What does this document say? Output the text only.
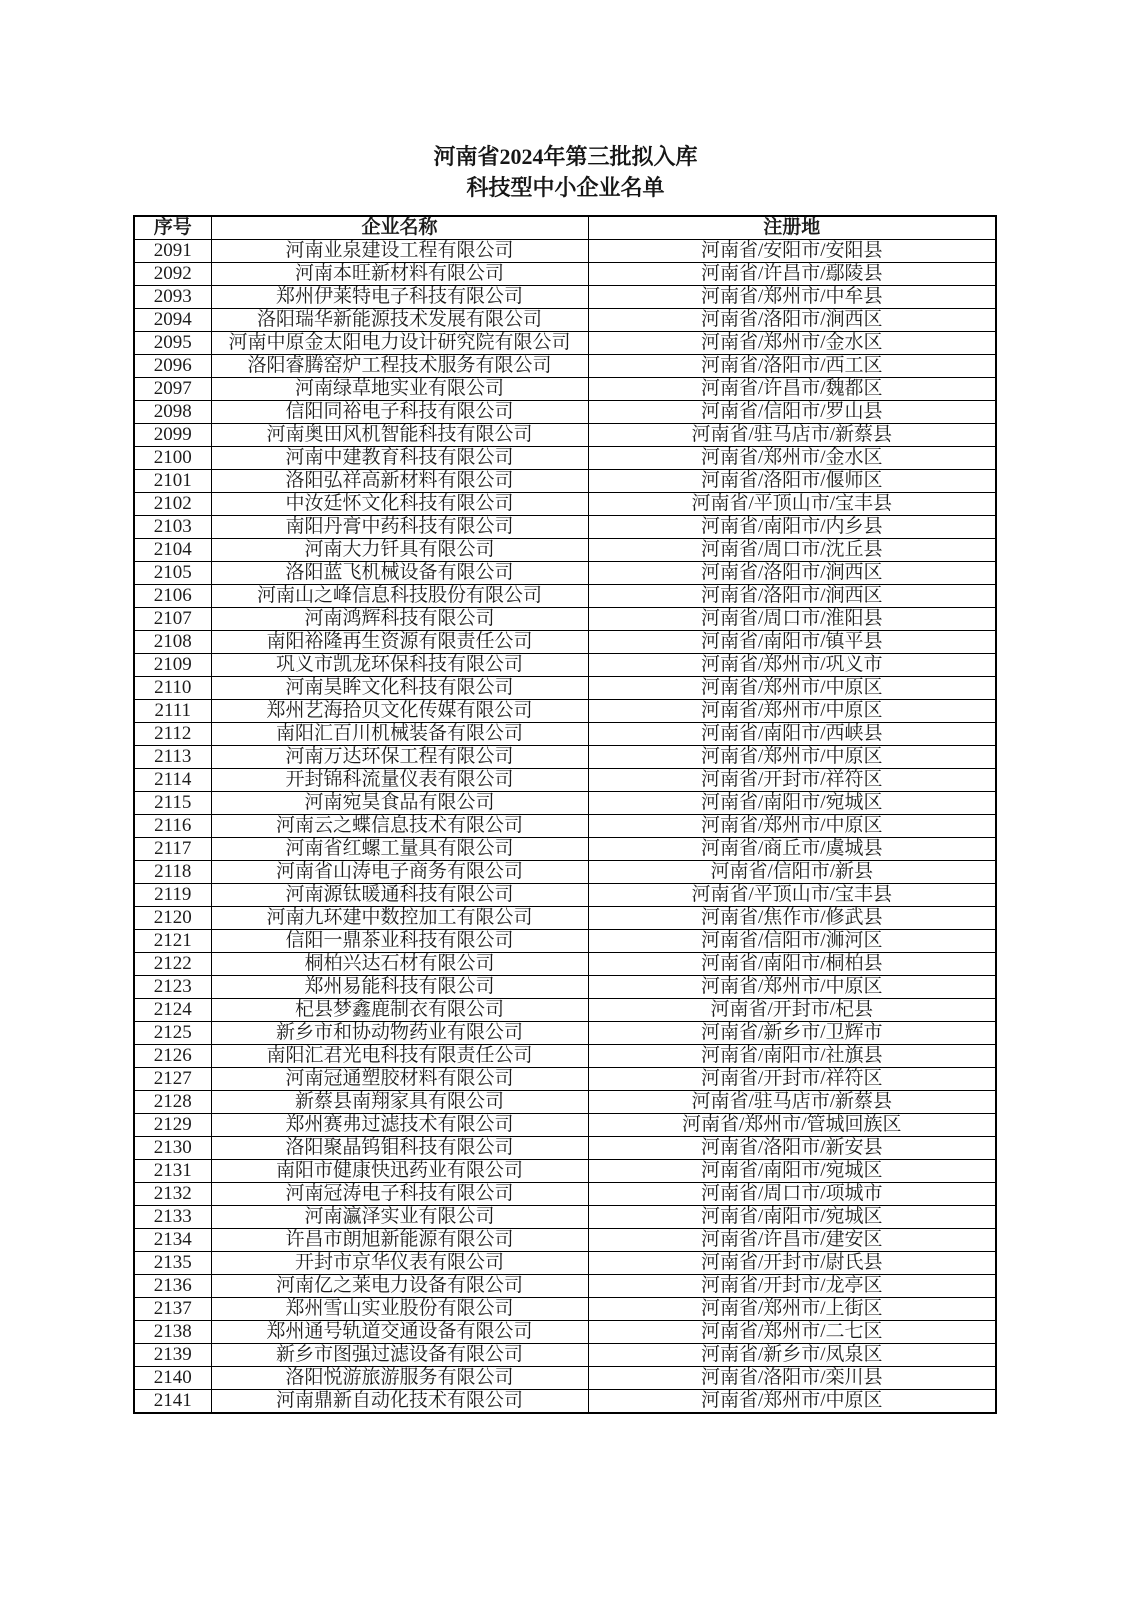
河南省2024年第三批拟入库
科技型中小企业名单
序号	企业名称	注册地
2091	河南业泉建设工程有限公司	河南省/安阳市/安阳县
2092	河南本旺新材料有限公司	河南省/许昌市/鄢陵县
2093	郑州伊莱特电子科技有限公司	河南省/郑州市/中牟县
2094	洛阳瑞华新能源技术发展有限公司	河南省/洛阳市/涧西区
2095	河南中原金太阳电力设计研究院有限公司	河南省/郑州市/金水区
2096	洛阳睿腾窑炉工程技术服务有限公司	河南省/洛阳市/西工区
2097	河南绿草地实业有限公司	河南省/许昌市/魏都区
2098	信阳同裕电子科技有限公司	河南省/信阳市/罗山县
2099	河南奥田风机智能科技有限公司	河南省/驻马店市/新蔡县
2100	河南中建教育科技有限公司	河南省/郑州市/金水区
2101	洛阳弘祥高新材料有限公司	河南省/洛阳市/偃师区
2102	中汝廷怀文化科技有限公司	河南省/平顶山市/宝丰县
2103	南阳丹膏中药科技有限公司	河南省/南阳市/内乡县
2104	河南大力钎具有限公司	河南省/周口市/沈丘县
2105	洛阳蓝飞机械设备有限公司	河南省/洛阳市/涧西区
2106	河南山之峰信息科技股份有限公司	河南省/洛阳市/涧西区
2107	河南鸿辉科技有限公司	河南省/周口市/淮阳县
2108	南阳裕隆再生资源有限责任公司	河南省/南阳市/镇平县
2109	巩义市凯龙环保科技有限公司	河南省/郑州市/巩义市
2110	河南昊眸文化科技有限公司	河南省/郑州市/中原区
2111	郑州艺海拾贝文化传媒有限公司	河南省/郑州市/中原区
2112	南阳汇百川机械装备有限公司	河南省/南阳市/西峡县
2113	河南万达环保工程有限公司	河南省/郑州市/中原区
2114	开封锦科流量仪表有限公司	河南省/开封市/祥符区
2115	河南宛昊食品有限公司	河南省/南阳市/宛城区
2116	河南云之蝶信息技术有限公司	河南省/郑州市/中原区
2117	河南省红螺工量具有限公司	河南省/商丘市/虞城县
2118	河南省山涛电子商务有限公司	河南省/信阳市/新县
2119	河南源钛暖通科技有限公司	河南省/平顶山市/宝丰县
2120	河南九环建中数控加工有限公司	河南省/焦作市/修武县
2121	信阳一鼎茶业科技有限公司	河南省/信阳市/浉河区
2122	桐柏兴达石材有限公司	河南省/南阳市/桐柏县
2123	郑州易能科技有限公司	河南省/郑州市/中原区
2124	杞县梦鑫鹿制衣有限公司	河南省/开封市/杞县
2125	新乡市和协动物药业有限公司	河南省/新乡市/卫辉市
2126	南阳汇君光电科技有限责任公司	河南省/南阳市/社旗县
2127	河南冠通塑胶材料有限公司	河南省/开封市/祥符区
2128	新蔡县南翔家具有限公司	河南省/驻马店市/新蔡县
2129	郑州赛弗过滤技术有限公司	河南省/郑州市/管城回族区
2130	洛阳聚晶钨钼科技有限公司	河南省/洛阳市/新安县
2131	南阳市健康快迅药业有限公司	河南省/南阳市/宛城区
2132	河南冠涛电子科技有限公司	河南省/周口市/项城市
2133	河南瀛泽实业有限公司	河南省/南阳市/宛城区
2134	许昌市朗旭新能源有限公司	河南省/许昌市/建安区
2135	开封市京华仪表有限公司	河南省/开封市/尉氏县
2136	河南亿之莱电力设备有限公司	河南省/开封市/龙亭区
2137	郑州雪山实业股份有限公司	河南省/郑州市/上街区
2138	郑州通号轨道交通设备有限公司	河南省/郑州市/二七区
2139	新乡市图强过滤设备有限公司	河南省/新乡市/凤泉区
2140	洛阳悦游旅游服务有限公司	河南省/洛阳市/栾川县
2141	河南鼎新自动化技术有限公司	河南省/郑州市/中原区
